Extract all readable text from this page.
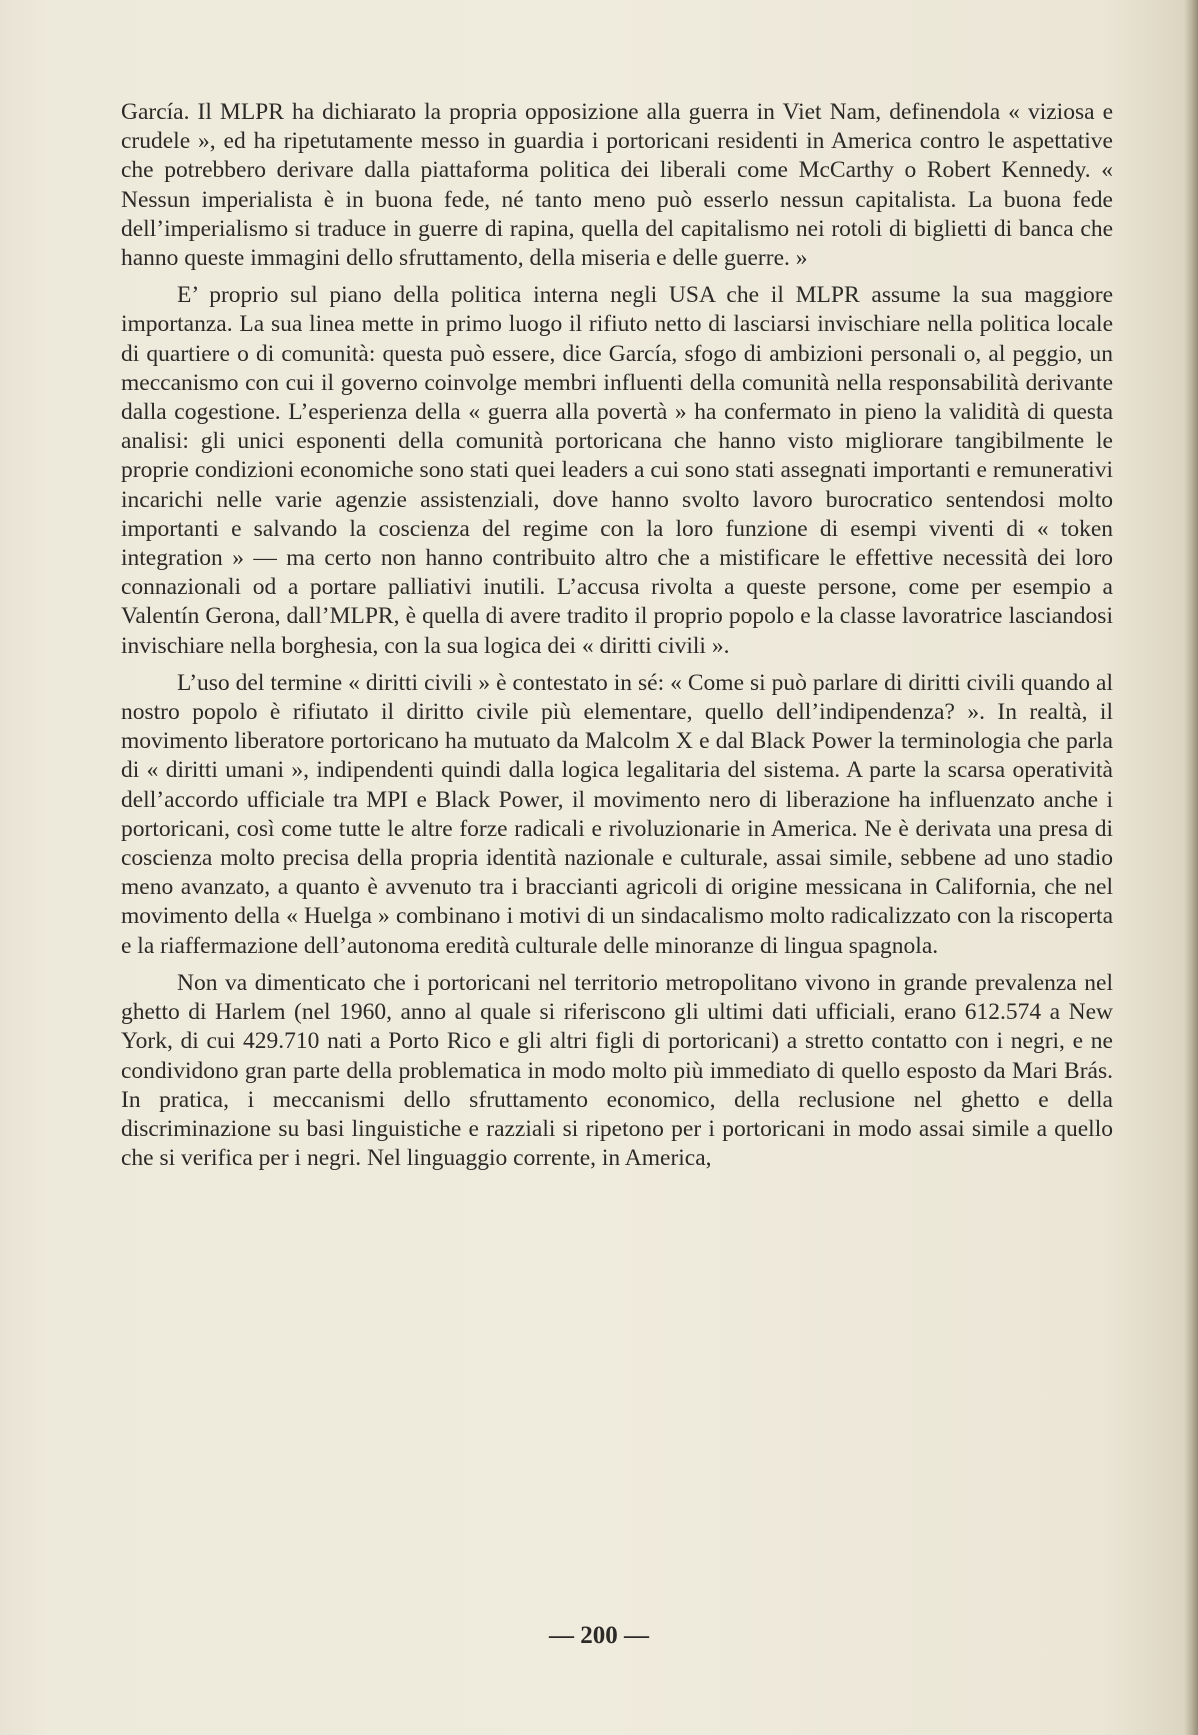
García. Il MLPR ha dichiarato la propria opposizione alla guerra in Viet Nam, definendola « viziosa e crudele », ed ha ripetutamente messo in guardia i portoricani residenti in America contro le aspettative che potrebbero derivare dalla piattaforma politica dei liberali come McCarthy o Robert Kennedy. « Nessun imperialista è in buona fede, né tanto meno può esserlo nessun capitalista. La buona fede dell’imperialismo si traduce in guerre di rapina, quella del capitalismo nei rotoli di biglietti di banca che hanno queste immagini dello sfruttamento, della miseria e delle guerre. »

E’ proprio sul piano della politica interna negli USA che il MLPR assume la sua maggiore importanza. La sua linea mette in primo luogo il rifiuto netto di lasciarsi invischiare nella politica locale di quartiere o di comunità: questa può essere, dice García, sfogo di ambizioni personali o, al peggio, un meccanismo con cui il governo coinvolge membri influenti della comunità nella responsabilità derivante dalla cogestione. L’esperienza della « guerra alla povertà » ha confermato in pieno la validità di questa analisi: gli unici esponenti della comunità portoricana che hanno visto migliorare tangibilmente le proprie condizioni economiche sono stati quei leaders a cui sono stati assegnati importanti e remunerativi incarichi nelle varie agenzie assistenziali, dove hanno svolto lavoro burocratico sentendosi molto importanti e salvando la coscienza del regime con la loro funzione di esempi viventi di « token integration » — ma certo non hanno contribuito altro che a mistificare le effettive necessità dei loro connazionali od a portare palliativi inutili. L’accusa rivolta a queste persone, come per esempio a Valentín Gerona, dall’MLPR, è quella di avere tradito il proprio popolo e la classe lavoratrice lasciandosi invischiare nella borghesia, con la sua logica dei « diritti civili ».

L’uso del termine « diritti civili » è contestato in sé: « Come si può parlare di diritti civili quando al nostro popolo è rifiutato il diritto civile più elementare, quello dell’indipendenza? ». In realtà, il movimento liberatore portoricano ha mutuato da Malcolm X e dal Black Power la terminologia che parla di « diritti umani », indipendenti quindi dalla logica legalitaria del sistema. A parte la scarsa operatività dell’accordo ufficiale tra MPI e Black Power, il movimento nero di liberazione ha influenzato anche i portoricani, così come tutte le altre forze radicali e rivoluzionarie in America. Ne è derivata una presa di coscienza molto precisa della propria identità nazionale e culturale, assai simile, sebbene ad uno stadio meno avanzato, a quanto è avvenuto tra i braccianti agricoli di origine messicana in California, che nel movimento della « Huelga » combinano i motivi di un sindacalismo molto radicalizzato con la riscoperta e la riaffermazione dell’autonoma eredità culturale delle minoranze di lingua spagnola.

Non va dimenticato che i portoricani nel territorio metropolitano vivono in grande prevalenza nel ghetto di Harlem (nel 1960, anno al quale si riferiscono gli ultimi dati ufficiali, erano 612.574 a New York, di cui 429.710 nati a Porto Rico e gli altri figli di portoricani) a stretto contatto con i negri, e ne condividono gran parte della problematica in modo molto più immediato di quello esposto da Mari Brás. In pratica, i meccanismi dello sfruttamento economico, della reclusione nel ghetto e della discriminazione su basi linguistiche e razziali si ripetono per i portoricani in modo assai simile a quello che si verifica per i negri. Nel linguaggio corrente, in America,

— 200 —
